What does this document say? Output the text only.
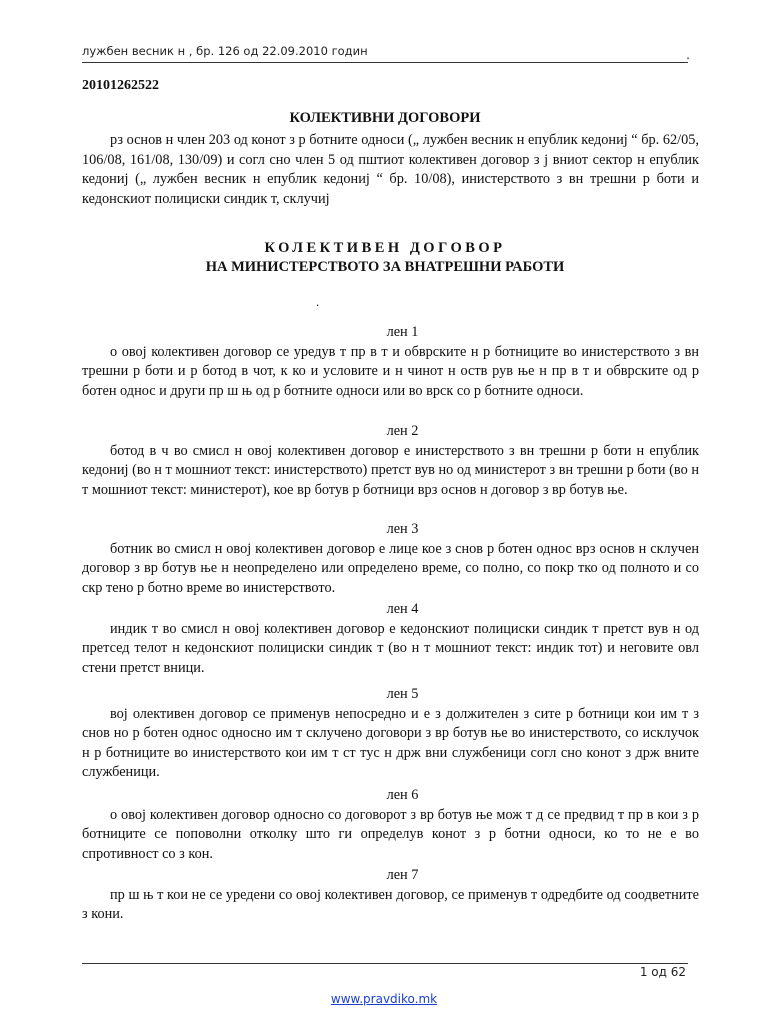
лужбен весник н , бр. 126 од 22.09.2010 годин	.
20101262522
КОЛЕКТИВНИ ДОГОВОРИ
рз основ н член 203 од конот з р ботните односи („ лужбен весник н епублик кедониј “ бр. 62/05, 106/08, 161/08, 130/09) и согл сно член 5 од пштиот колективен договор з ј вниот сектор н епублик кедониј („ лужбен весник н епублик кедониј “ бр. 10/08), инистерството з вн трешни р боти и кедонскиот полициски синдик т, склучиј
КОЛЕКТИВЕН ДОГОВОР
НА МИНИСТЕРСТВОТО ЗА ВНАТРЕШНИ РАБОТИ
.
лен 1
о овој колективен договор се уредув т пр в т и обврските н р ботниците во инистерството з вн трешни р боти и р ботод в чот, к ко и условите и н чинот н оств рув ње н пр в т и обврските од р ботен однос и други пр ш њ од р ботните односи или во врск со р ботните односи.
лен 2
ботод в ч во смисл н овој колективен договор е инистерството з вн трешни р боти н епублик кедониј (во н т мошниот текст: инистерството) претст вув но од министерот з вн трешни р боти (во н т мошниот текст: министерот), кое вр ботув р ботници врз основ н договор з вр ботув ње.
лен 3
ботник во смисл н овој колективен договор е лице кое з снов р ботен однос врз основ н склучен договор з вр ботув ње н неопределено или определено време, со полно, со покр тко од полното и со скр тено р ботно време во инистерството.
лен 4
индик т во смисл н овој колективен договор е кедонскиот полициски синдик т претст вув н од претсед телот н кедонскиот полициски синдик т (во н т мошниот текст: индик тот) и неговите овл стени претст вници.
лен 5
вој олективен договор се применув непосредно и е з должителен з сите р ботници кои им т з снов но р ботен однос односно им т склучено договори з вр ботув ње во инистерството, со исклучок н р ботниците во инистерството кои им т ст тус н држ вни службеници согл сно конот з држ вните службеници.
лен 6
о овој колективен договор односно со договорот з вр ботув ње мож т д се предвид т пр в кои з р ботниците се поповолни отколку што ги определув конот з р ботни односи, ко то не е во спротивност со з кон.
лен 7
пр ш њ т кои не се уредени со овој колективен договор, се применув т одредбите од соодветните з кони.
1 од 62
www.pravdiko.mk
